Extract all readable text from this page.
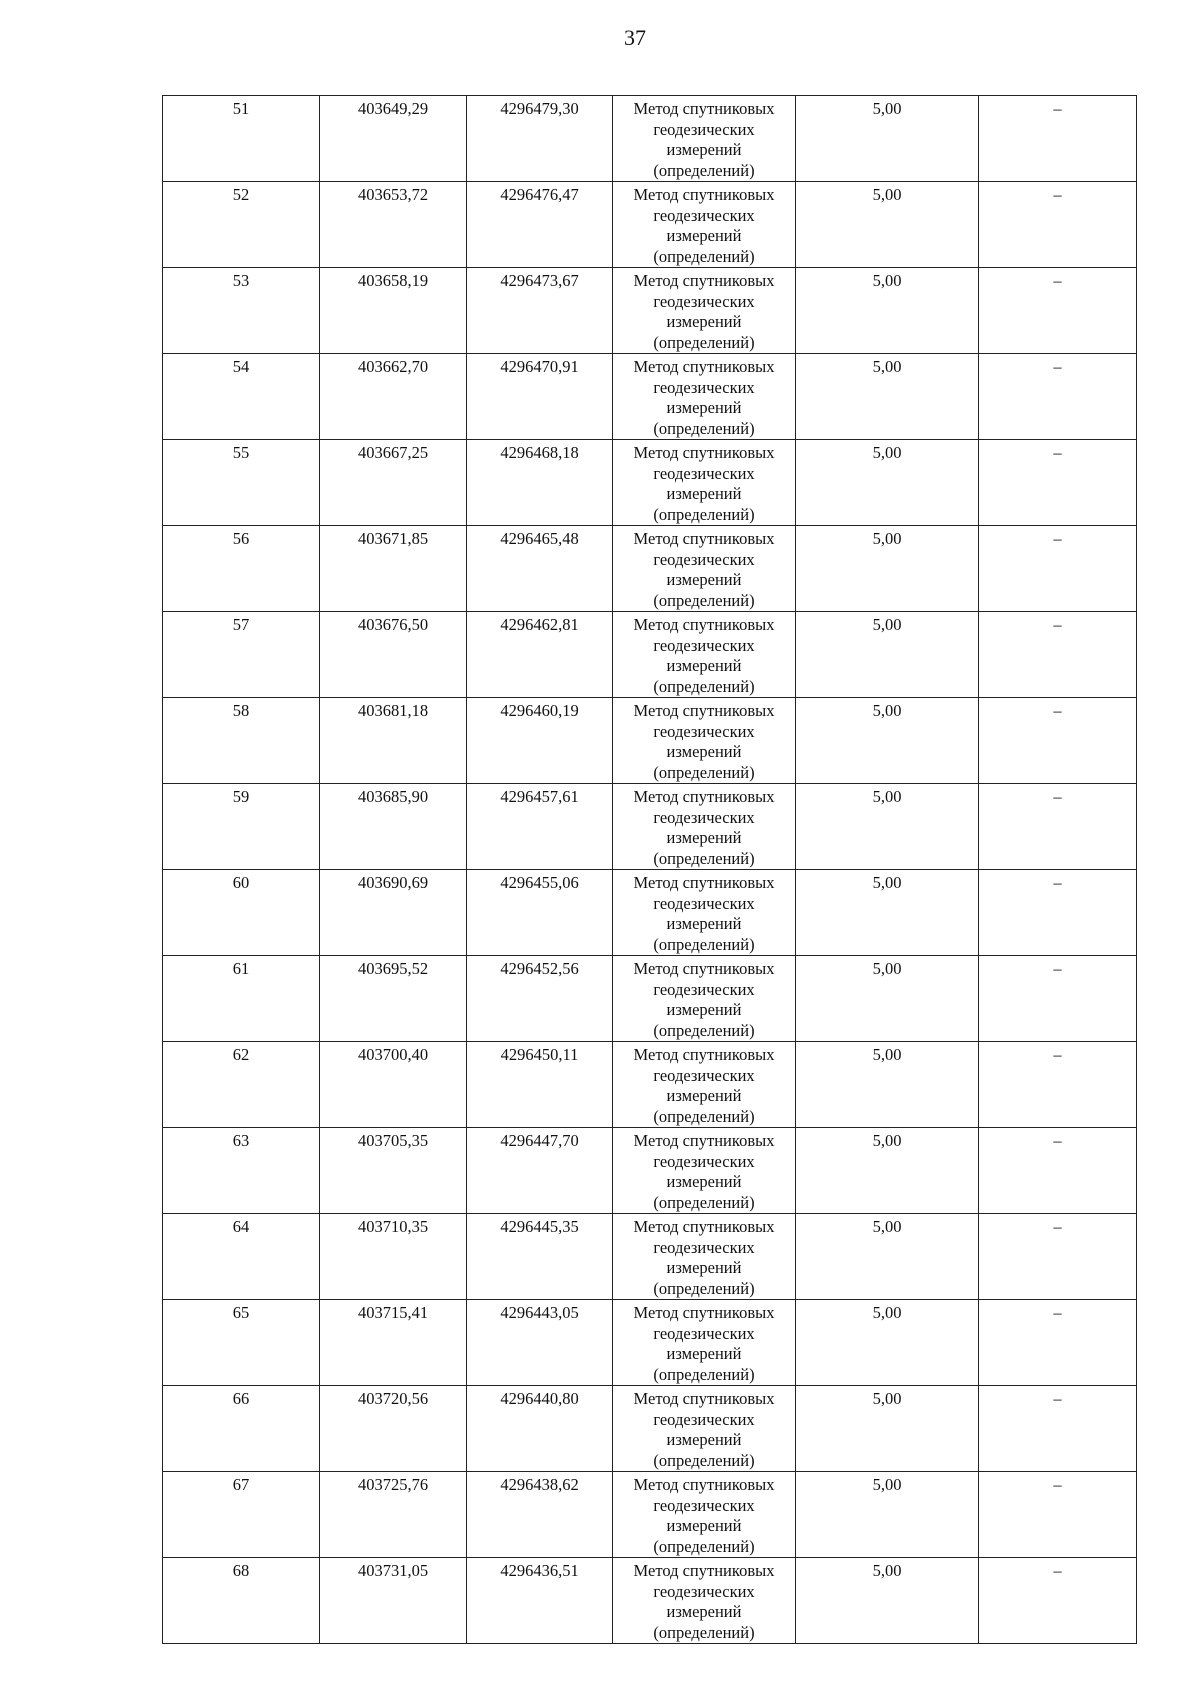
37
51	403649,29	4296479,30	Метод спутниковых
геодезических
измерений
(определений)	5,00	–
52	403653,72	4296476,47	Метод спутниковых
геодезических
измерений
(определений)	5,00	–
53	403658,19	4296473,67	Метод спутниковых
геодезических
измерений
(определений)	5,00	–
54	403662,70	4296470,91	Метод спутниковых
геодезических
измерений
(определений)	5,00	–
55	403667,25	4296468,18	Метод спутниковых
геодезических
измерений
(определений)	5,00	–
56	403671,85	4296465,48	Метод спутниковых
геодезических
измерений
(определений)	5,00	–
57	403676,50	4296462,81	Метод спутниковых
геодезических
измерений
(определений)	5,00	–
58	403681,18	4296460,19	Метод спутниковых
геодезических
измерений
(определений)	5,00	–
59	403685,90	4296457,61	Метод спутниковых
геодезических
измерений
(определений)	5,00	–
60	403690,69	4296455,06	Метод спутниковых
геодезических
измерений
(определений)	5,00	–
61	403695,52	4296452,56	Метод спутниковых
геодезических
измерений
(определений)	5,00	–
62	403700,40	4296450,11	Метод спутниковых
геодезических
измерений
(определений)	5,00	–
63	403705,35	4296447,70	Метод спутниковых
геодезических
измерений
(определений)	5,00	–
64	403710,35	4296445,35	Метод спутниковых
геодезических
измерений
(определений)	5,00	–
65	403715,41	4296443,05	Метод спутниковых
геодезических
измерений
(определений)	5,00	–
66	403720,56	4296440,80	Метод спутниковых
геодезических
измерений
(определений)	5,00	–
67	403725,76	4296438,62	Метод спутниковых
геодезических
измерений
(определений)	5,00	–
68	403731,05	4296436,51	Метод спутниковых
геодезических
измерений
(определений)	5,00	–
